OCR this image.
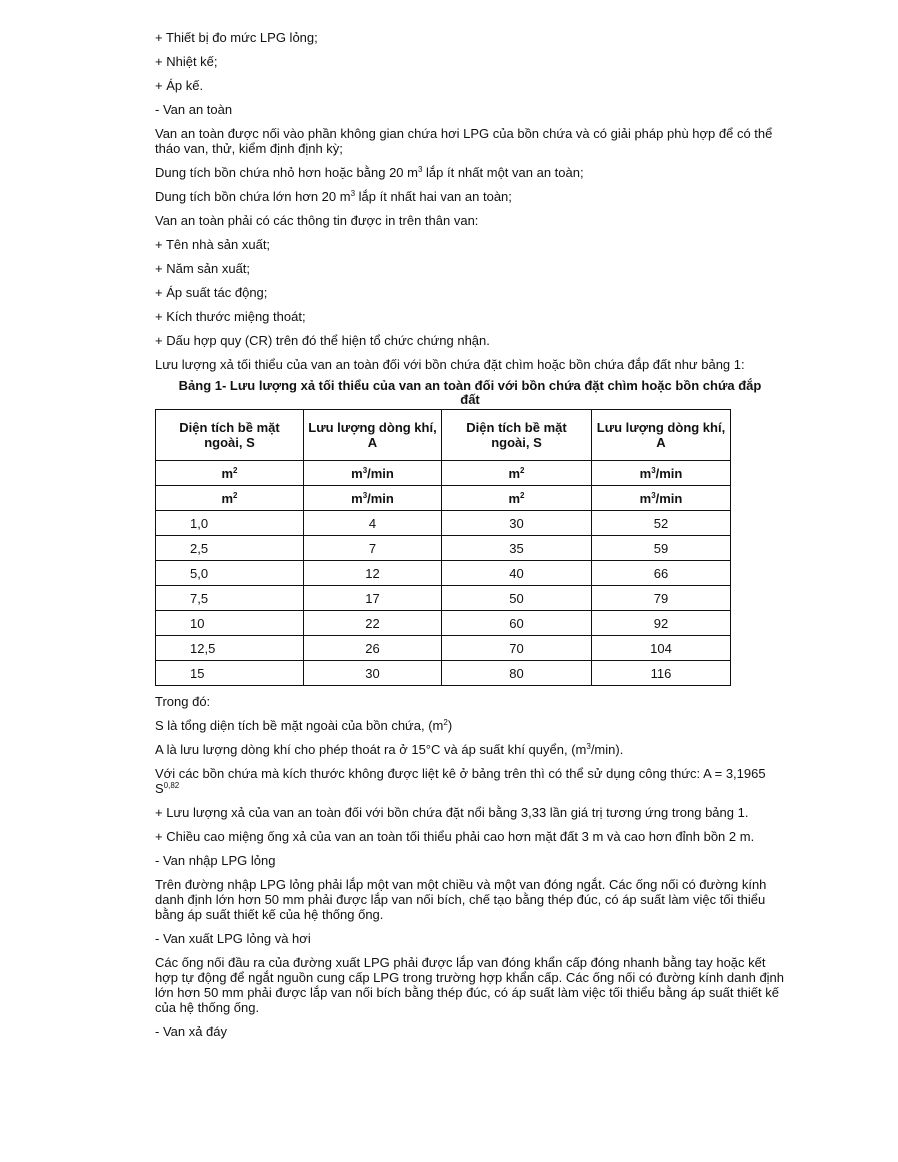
+ Thiết bị đo mức LPG lỏng;

+ Nhiệt kế;

+ Áp kế.

- Van an toàn

Van an toàn được nối vào phần không gian chứa hơi LPG của bồn chứa và có giải pháp phù hợp để có thể tháo van, thử, kiểm định định kỳ;

Dung tích bồn chứa nhỏ hơn hoặc bằng 20 $m^3$ lắp ít nhất một van an toàn;

Dung tích bồn chứa lớn hơn 20 $m^3$ lắp ít nhất hai van an toàn;

Van an toàn phải có các thông tin được in trên thân van:

+ Tên nhà sản xuất;

+ Năm sản xuất;

+ Áp suất tác động;

+ Kích thước miệng thoát;

+ Dấu hợp quy (CR) trên đó thể hiện tổ chức chứng nhận.

Lưu lượng xả tối thiểu của van an toàn đối với bồn chứa đặt chìm hoặc bồn chứa đắp đất như bảng 1:

Bảng 1- Lưu lượng xả tối thiểu của van an toàn đối với bồn chứa đặt chìm hoặc bồn chứa đắp
đất
Diện tích bề mặt ngoài, S	Lưu lượng dòng khí, A	Diện tích bề mặt ngoài, S	Lưu lượng dòng khí, A
$m^2$	$m^3/\min$	$m^2$	$m^3/\min$
$m^2$	$m^3/\min$	$m^2$	$m^3/\min$
1,0	4	30	52
2,5	7	35	59
5,0	12	40	66
7,5	17	50	79
10	22	60	92
12,5	26	70	104
15	30	80	116

Trong đó:

S là tổng diện tích bề mặt ngoài của bồn chứa, $(m^2)$

A là lưu lượng dòng khí cho phép thoát ra ở 15°C và áp suất khí quyển, $(m^3/\min)$.

Với các bồn chứa mà kích thước không được liệt kê ở bảng trên thì có thể sử dụng công thức: A = 3,1965 S$^{0,82}$

+ Lưu lượng xả của van an toàn đối với bồn chứa đặt nổi bằng 3,33 lần giá trị tương ứng trong bảng 1.

+ Chiều cao miệng ống xả của van an toàn tối thiểu phải cao hơn mặt đất 3 m và cao hơn đỉnh bồn 2 m.

- Van nhập LPG lỏng

Trên đường nhập LPG lỏng phải lắp một van một chiều và một van đóng ngắt. Các ống nối có đường kính danh định lớn hơn 50 mm phải được lắp van nối bích, chế tạo bằng thép đúc, có áp suất làm việc tối thiểu bằng áp suất thiết kế của hệ thống ống.

- Van xuất LPG lỏng và hơi

Các ống nối đầu ra của đường xuất LPG phải được lắp van đóng khẩn cấp đóng nhanh bằng tay hoặc kết hợp tự động để ngắt nguồn cung cấp LPG trong trường hợp khẩn cấp. Các ống nối có đường kính danh định lớn hơn 50 mm phải được lắp van nối bích bằng thép đúc, có áp suất làm việc tối thiểu bằng áp suất thiết kế của hệ thống ống.

- Van xả đáy
